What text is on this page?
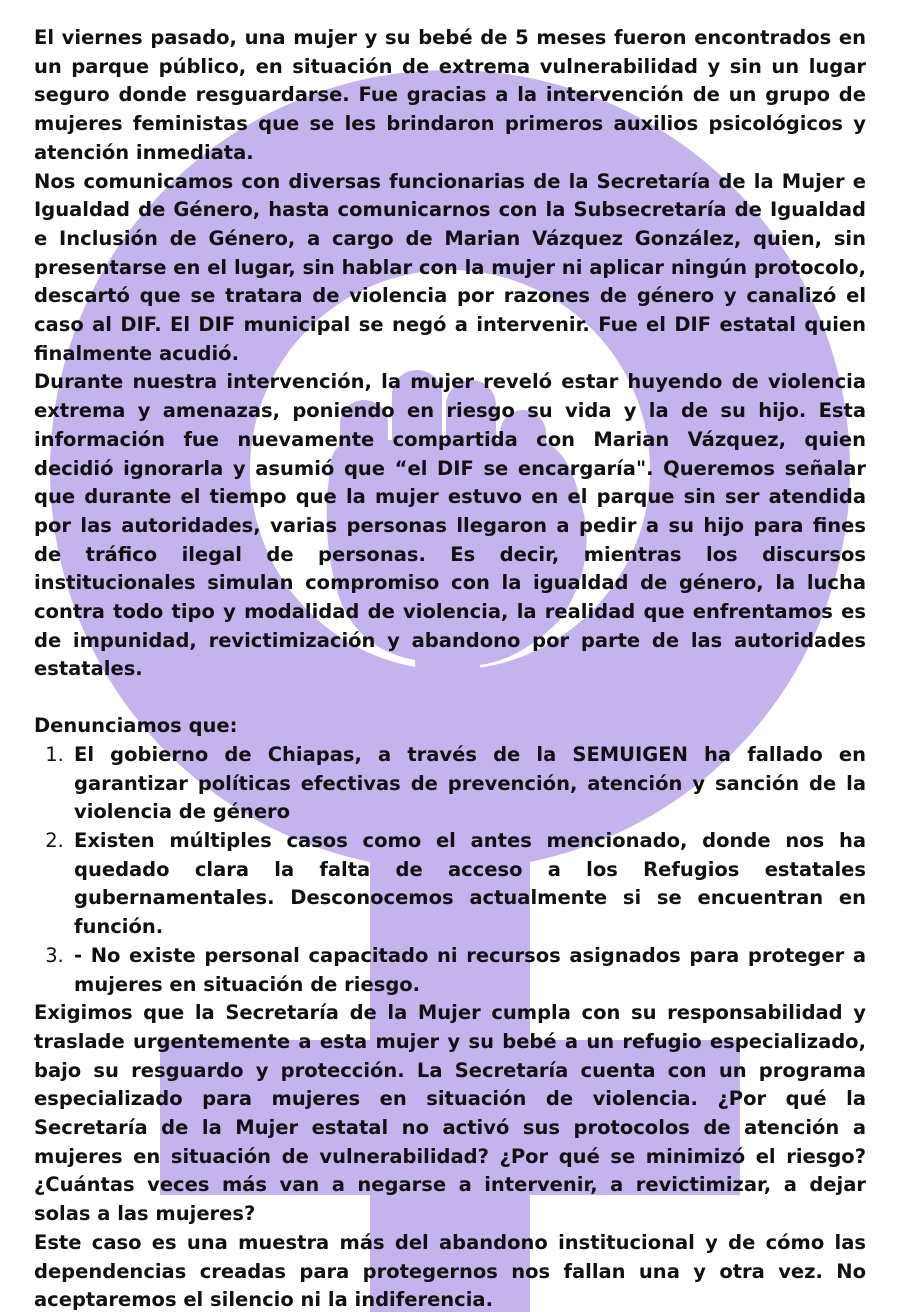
El viernes pasado, una mujer y su bebé de 5 meses fueron encontrados en un parque público, en situación de extrema vulnerabilidad y sin un lugar seguro donde resguardarse. Fue gracias a la intervención de un grupo de mujeres feministas que se les brindaron primeros auxilios psicológicos y atención inmediata.

Nos comunicamos con diversas funcionarias de la Secretaría de la Mujer e Igualdad de Género, hasta comunicarnos con la Subsecretaría de Igualdad e Inclusión de Género, a cargo de Marian Vázquez González, quien, sin presentarse en el lugar, sin hablar con la mujer ni aplicar ningún protocolo, descartó que se tratara de violencia por razones de género y canalizó el caso al DIF. El DIF municipal se negó a intervenir. Fue el DIF estatal quien finalmente acudió.

Durante nuestra intervención, la mujer reveló estar huyendo de violencia extrema y amenazas, poniendo en riesgo su vida y la de su hijo. Esta información fue nuevamente compartida con Marian Vázquez, quien decidió ignorarla y asumió que “el DIF se encargaría". Queremos señalar que durante el tiempo que la mujer estuvo en el parque sin ser atendida por las autoridades, varias personas llegaron a pedir a su hijo para fines de tráfico ilegal de personas. Es decir, mientras los discursos institucionales simulan compromiso con la igualdad de género, la lucha contra todo tipo y modalidad de violencia, la realidad que enfrentamos es de impunidad, revictimización y abandono por parte de las autoridades estatales.

Denunciamos que:

1. El gobierno de Chiapas, a través de la SEMUIGEN ha fallado en garantizar políticas efectivas de prevención, atención y sanción de la violencia de género
2. Existen múltiples casos como el antes mencionado, donde nos ha quedado clara la falta de acceso a los Refugios estatales gubernamentales. Desconocemos actualmente si se encuentran en función.
3. - No existe personal capacitado ni recursos asignados para proteger a mujeres en situación de riesgo.

Exigimos que la Secretaría de la Mujer cumpla con su responsabilidad y traslade urgentemente a esta mujer y su bebé a un refugio especializado, bajo su resguardo y protección. La Secretaría cuenta con un programa especializado para mujeres en situación de violencia. ¿Por qué la Secretaría de la Mujer estatal no activó sus protocolos de atención a mujeres en situación de vulnerabilidad? ¿Por qué se minimizó el riesgo? ¿Cuántas veces más van a negarse a intervenir, a revictimizar, a dejar solas a las mujeres?

Este caso es una muestra más del abandono institucional y de cómo las dependencias creadas para protegernos nos fallan una y otra vez. No aceptaremos el silencio ni la indiferencia.
